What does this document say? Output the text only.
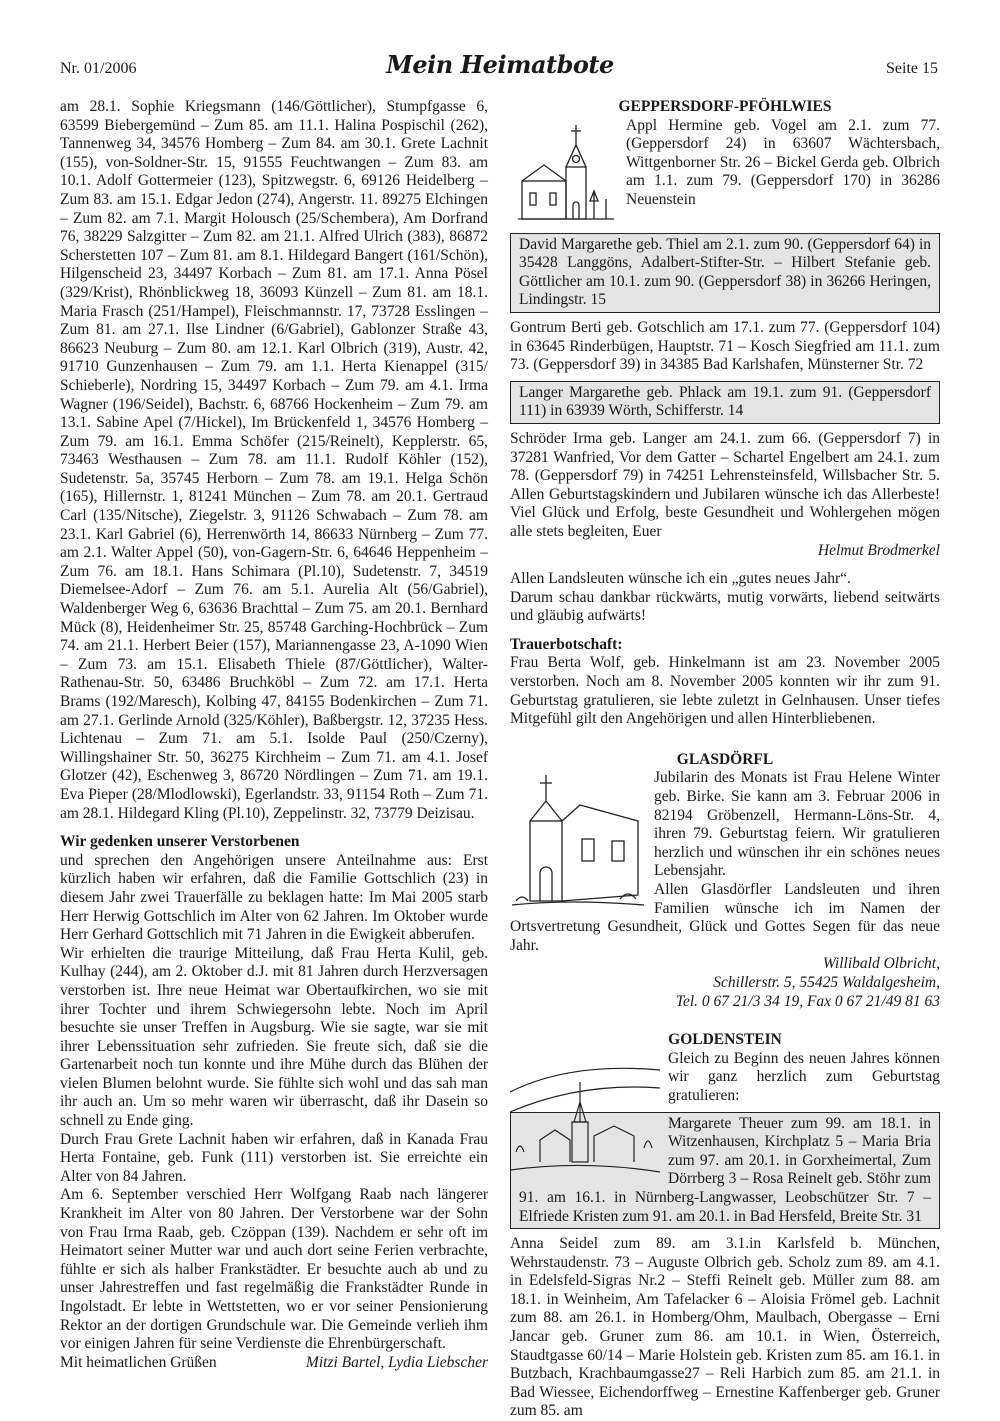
Nr. 01/2006	Mein Heimatbote	Seite 15

am 28.1. Sophie Kriegsmann (146/Göttlicher), Stumpfgasse 6, 63599 Biebergemünd – Zum 85. am 11.1. Halina Pospischil (262), Tannenweg 34, 34576 Homberg – Zum 84. am 30.1. Grete Lachnit (155), von-Soldner-Str. 15, 91555 Feuchtwangen – Zum 83. am 10.1. Adolf Gottermeier (123), Spitzwegstr. 6, 69126 Heidelberg – Zum 83. am 15.1. Edgar Jedon (274), Angerstr. 11. 89275 Elchingen – Zum 82. am 7.1. Margit Holousch (25/Schembera), Am Dorfrand 76, 38229 Salzgitter – Zum 82. am 21.1. Alfred Ulrich (383), 86872 Scherstetten 107 – Zum 81. am 8.1. Hildegard Bangert (161/Schön), Hilgenscheid 23, 34497 Korbach – Zum 81. am 17.1. Anna Pösel (329/Krist), Rhönblickweg 18, 36093 Künzell – Zum 81. am 18.1. Maria Frasch (251/Hampel), Fleischmannstr. 17, 73728 Esslingen – Zum 81. am 27.1. Ilse Lindner (6/Gabriel), Gablonzer Straße 43, 86623 Neuburg – Zum 80. am 12.1. Karl Olbrich (319), Austr. 42, 91710 Gunzenhausen – Zum 79. am 1.1. Herta Kienappel (315/ Schieberle), Nordring 15, 34497 Korbach – Zum 79. am 4.1. Irma Wagner (196/Seidel), Bachstr. 6, 68766 Hockenheim – Zum 79. am 13.1. Sabine Apel (7/Hickel), Im Brückenfeld 1, 34576 Homberg – Zum 79. am 16.1. Emma Schöfer (215/Reinelt), Kepplerstr. 65, 73463 Westhausen – Zum 78. am 11.1. Rudolf Köhler (152), Sudetenstr. 5a, 35745 Herborn – Zum 78. am 19.1. Helga Schön (165), Hillernstr. 1, 81241 München – Zum 78. am 20.1. Gertraud Carl (135/Nitsche), Ziegelstr. 3, 91126 Schwabach – Zum 78. am 23.1. Karl Gabriel (6), Herrenwörth 14, 86633 Nürnberg – Zum 77. am 2.1. Walter Appel (50), von-Gagern-Str. 6, 64646 Heppenheim – Zum 76. am 18.1. Hans Schimara (Pl.10), Sudetenstr. 7, 34519 Diemelsee-Adorf – Zum 76. am 5.1. Aurelia Alt (56/Gabriel), Waldenberger Weg 6, 63636 Brachttal – Zum 75. am 20.1. Bernhard Mück (8), Heidenheimer Str. 25, 85748 Garching-Hochbrück – Zum 74. am 21.1. Herbert Beier (157), Mariannengasse 23, A-1090 Wien – Zum 73. am 15.1. Elisabeth Thiele (87/Göttlicher), Walter-Rathenau-Str. 50, 63486 Bruchköbl – Zum 72. am 17.1. Herta Brams (192/Maresch), Kolbing 47, 84155 Bodenkirchen – Zum 71. am 27.1. Gerlinde Arnold (325/Köhler), Baßbergstr. 12, 37235 Hess. Lichtenau – Zum 71. am 5.1. Isolde Paul (250/Czerny), Willingshainer Str. 50, 36275 Kirchheim – Zum 71. am 4.1. Josef Glotzer (42), Eschenweg 3, 86720 Nördlingen – Zum 71. am 19.1. Eva Pieper (28/Mlodlowski), Egerlandstr. 33, 91154 Roth – Zum 71. am 28.1. Hildegard Kling (Pl.10), Zeppelinstr. 32, 73779 Deizisau.

Wir gedenken unserer Verstorbenen

und sprechen den Angehörigen unsere Anteilnahme aus: Erst kürzlich haben wir erfahren, daß die Familie Gottschlich (23) in diesem Jahr zwei Trauerfälle zu beklagen hatte: Im Mai 2005 starb Herr Herwig Gottschlich im Alter von 62 Jahren. Im Oktober wurde Herr Gerhard Gottschlich mit 71 Jahren in die Ewigkeit abberufen.

Wir erhielten die traurige Mitteilung, daß Frau Herta Kulil, geb. Kulhay (244), am 2. Oktober d.J. mit 81 Jahren durch Herzversagen verstorben ist. Ihre neue Heimat war Obertaufkirchen, wo sie mit ihrer Tochter und ihrem Schwiegersohn lebte. Noch im April besuchte sie unser Treffen in Augsburg. Wie sie sagte, war sie mit ihrer Lebenssituation sehr zufrieden. Sie freute sich, daß sie die Gartenarbeit noch tun konnte und ihre Mühe durch das Blühen der vielen Blumen belohnt wurde. Sie fühlte sich wohl und das sah man ihr auch an. Um so mehr waren wir überrascht, daß ihr Dasein so schnell zu Ende ging.

Durch Frau Grete Lachnit haben wir erfahren, daß in Kanada Frau Herta Fontaine, geb. Funk (111) verstorben ist. Sie erreichte ein Alter von 84 Jahren.

Am 6. September verschied Herr Wolfgang Raab nach längerer Krankheit im Alter von 80 Jahren. Der Verstorbene war der Sohn von Frau Irma Raab, geb. Czöppan (139). Nachdem er sehr oft im Heimatort seiner Mutter war und auch dort seine Ferien verbrachte, fühlte er sich als halber Frankstädter. Er besuchte auch ab und zu unser Jahrestreffen und fast regelmäßig die Frankstädter Runde in Ingolstadt. Er lebte in Wettstetten, wo er vor seiner Pensionierung Rektor an der dortigen Grundschule war. Die Gemeinde verlieh ihm vor einigen Jahren für seine Verdienste die Ehrenbürgerschaft.

Mit heimatlichen Grüßen	Mitzi Bartel, Lydia Liebscher

GEPPERSDORF-PFÖHLWIES

Appl Hermine geb. Vogel am 2.1. zum 77. (Geppersdorf 24) in 63607 Wächtersbach, Wittgenborner Str. 26 – Bickel Gerda geb. Olbrich am 1.1. zum 79. (Geppersdorf 170) in 36286 Neuenstein

David Margarethe geb. Thiel am 2.1. zum 90. (Geppersdorf 64) in 35428 Langgöns, Adalbert-Stifter-Str. – Hilbert Stefanie geb. Göttlicher am 10.1. zum 90. (Geppersdorf 38) in 36266 Heringen, Lindingstr. 15

Gontrum Berti geb. Gotschlich am 17.1. zum 77. (Geppersdorf 104) in 63645 Rinderbügen, Hauptstr. 71 – Kosch Siegfried am 11.1. zum 73. (Geppersdorf 39) in 34385 Bad Karlshafen, Münsterner Str. 72

Langer Margarethe geb. Phlack am 19.1. zum 91. (Geppersdorf 111) in 63939 Wörth, Schifferstr. 14

Schröder Irma geb. Langer am 24.1. zum 66. (Geppersdorf 7) in 37281 Wanfried, Vor dem Gatter – Schartel Engelbert am 24.1. zum 78. (Geppersdorf 79) in 74251 Lehrensteinsfeld, Willsbacher Str. 5. Allen Geburtstagskindern und Jubilaren wünsche ich das Allerbeste! Viel Glück und Erfolg, beste Gesundheit und Wohlergehen mögen alle stets begleiten, Euer

Helmut Brodmerkel

Allen Landsleuten wünsche ich ein „gutes neues Jahr“.

Darum schau dankbar rückwärts, mutig vorwärts, liebend seitwärts und gläubig aufwärts!

Trauerbotschaft:

Frau Berta Wolf, geb. Hinkelmann ist am 23. November 2005 verstorben. Noch am 8. November 2005 konnten wir ihr zum 91. Geburtstag gratulieren, sie lebte zuletzt in Gelnhausen. Unser tiefes Mitgefühl gilt den Angehörigen und allen Hinterbliebenen.

GLASDÖRFL

Jubilarin des Monats ist Frau Helene Winter geb. Birke. Sie kann am 3. Februar 2006 in 82194 Gröbenzell, Hermann-Löns-Str. 4, ihren 79. Geburtstag feiern. Wir gratulieren herzlich und wünschen ihr ein schönes neues Lebensjahr.

Allen Glasdörfler Landsleuten und ihren Familien wünsche ich im Namen der Ortsvertretung Gesundheit, Glück und Gottes Segen für das neue Jahr.

Willibald Olbricht,

Schillerstr. 5, 55425 Waldalgesheim,

Tel. 0 67 21/3 34 19, Fax 0 67 21/49 81 63

GOLDENSTEIN

Gleich zu Beginn des neuen Jahres können wir ganz herzlich zum Geburtstag gratulieren:

Margarete Theuer zum 99. am 18.1. in Witzenhausen, Kirchplatz 5 – Maria Bria zum 97. am 20.1. in Gorxheimertal, Zum Dörrberg 3 – Rosa Reinelt geb. Stöhr zum 91. am 16.1. in Nürnberg-Langwasser, Leobschützer Str. 7 – Elfriede Kristen zum 91. am 20.1. in Bad Hersfeld, Breite Str. 31

Anna Seidel zum 89. am 3.1.in Karlsfeld b. München, Wehrstaudenstr. 73 – Auguste Olbrich geb. Scholz zum 89. am 4.1. in Edelsfeld-Sigras Nr.2 – Steffi Reinelt geb. Müller zum 88. am 18.1. in Weinheim, Am Tafelacker 6 – Aloisia Frömel geb. Lachnit zum 88. am 26.1. in Homberg/Ohm, Maulbach, Obergasse – Erni Jancar geb. Gruner zum 86. am 10.1. in Wien, Österreich, Staudtgasse 60/14 – Marie Holstein geb. Kristen zum 85. am 16.1. in Butzbach, Krachbaumgasse27 – Reli Harbich zum 85. am 21.1. in Bad Wiessee, Eichendorffweg – Ernestine Kaffenberger geb. Gruner zum 85. am
